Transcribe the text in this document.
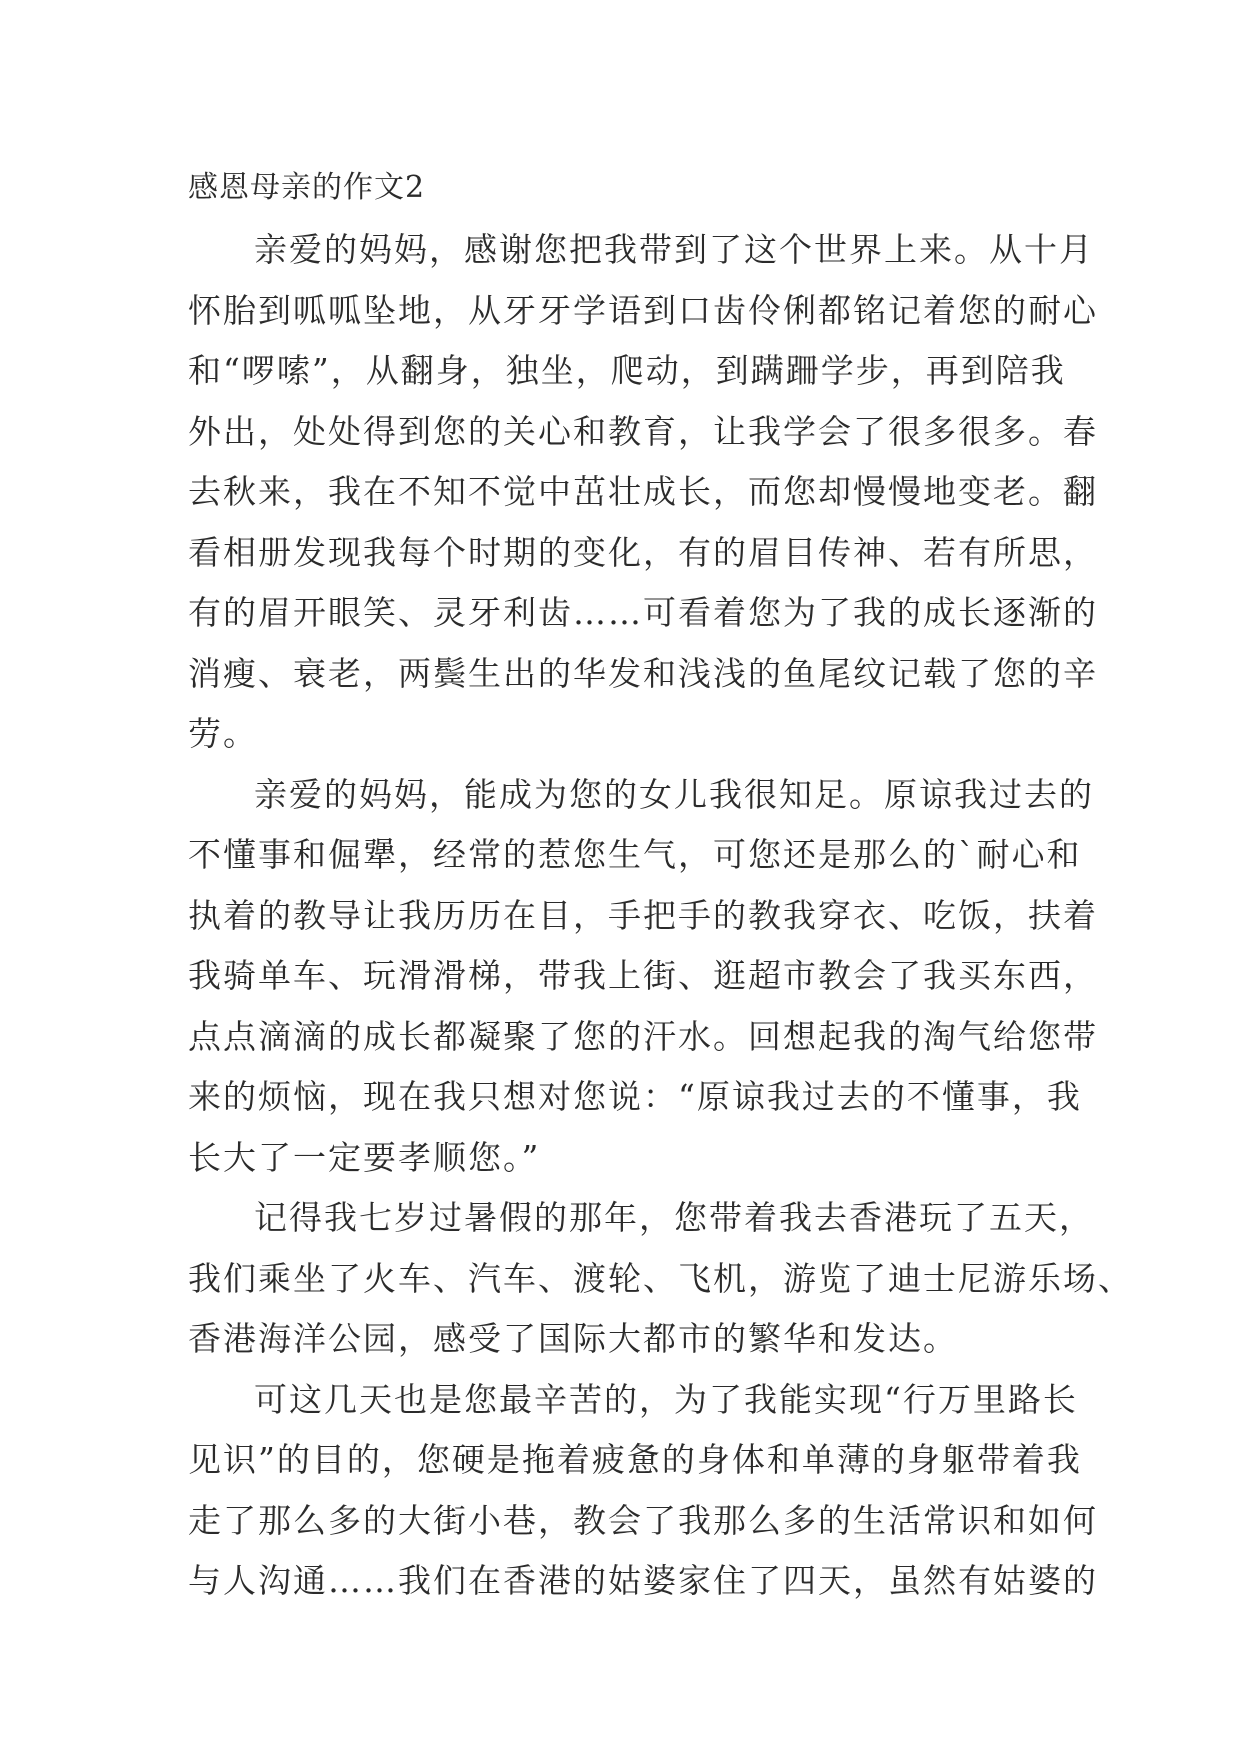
感恩母亲的作文2

亲爱的妈妈，感谢您把我带到了这个世界上来。从十月
怀胎到呱呱坠地，从牙牙学语到口齿伶俐都铭记着您的耐心
和“啰嗦”，从翻身，独坐，爬动，到蹒跚学步，再到陪我
外出，处处得到您的关心和教育，让我学会了很多很多。春
去秋来，我在不知不觉中茁壮成长，而您却慢慢地变老。翻
看相册发现我每个时期的变化，有的眉目传神、若有所思，
有的眉开眼笑、灵牙利齿……可看着您为了我的成长逐渐的
消瘦、衰老，两鬓生出的华发和浅浅的鱼尾纹记载了您的辛
劳。

亲爱的妈妈，能成为您的女儿我很知足。原谅我过去的
不懂事和倔犟，经常的惹您生气，可您还是那么的`耐心和
执着的教导让我历历在目，手把手的教我穿衣、吃饭，扶着
我骑单车、玩滑滑梯，带我上街、逛超市教会了我买东西，
点点滴滴的成长都凝聚了您的汗水。回想起我的淘气给您带
来的烦恼，现在我只想对您说：“原谅我过去的不懂事，我
长大了一定要孝顺您。”

记得我七岁过暑假的那年，您带着我去香港玩了五天，
我们乘坐了火车、汽车、渡轮、飞机，游览了迪士尼游乐场、
香港海洋公园，感受了国际大都市的繁华和发达。

可这几天也是您最辛苦的，为了我能实现“行万里路长
见识”的目的，您硬是拖着疲惫的身体和单薄的身躯带着我
走了那么多的大街小巷，教会了我那么多的生活常识和如何
与人沟通……我们在香港的姑婆家住了四天，虽然有姑婆的
